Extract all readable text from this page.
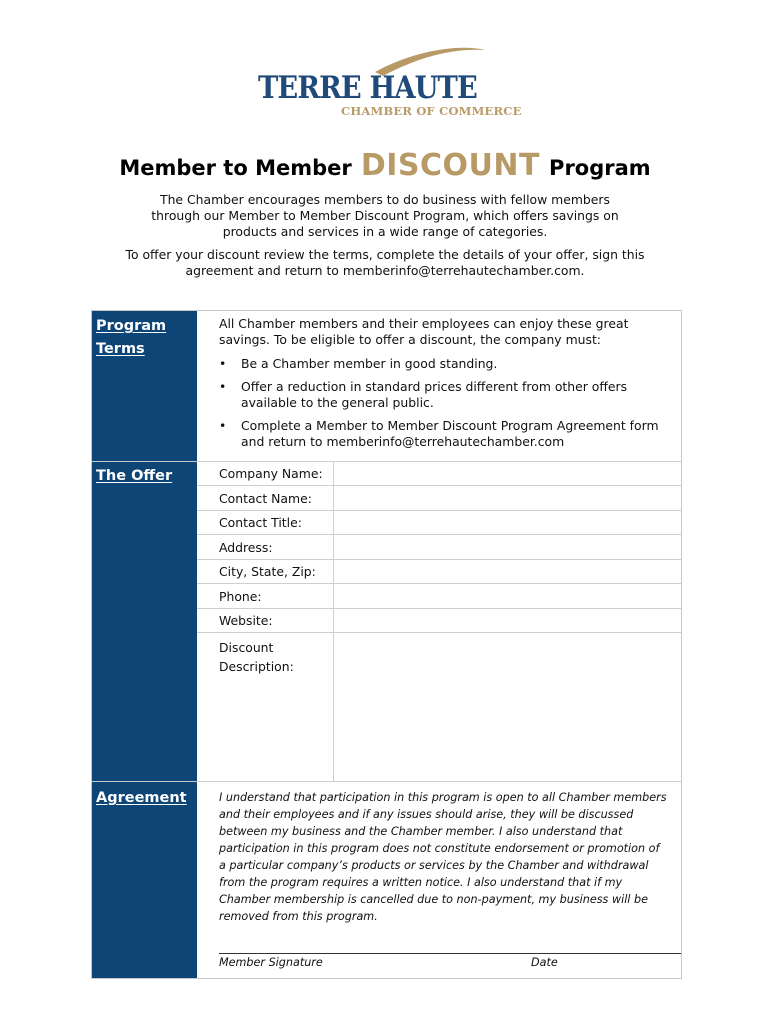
TERRE HAUTE
CHAMBER OF COMMERCE
Member to Member DISCOUNT Program

The Chamber encourages members to do business with fellow members

through our Member to Member Discount Program, which offers savings on

products and services in a wide range of categories.

To offer your discount review the terms, complete the details of your offer, sign this

agreement and return to memberinfo@terrehautechamber.com.

Program
Terms
The Offer
Agreement
All Chamber members and their employees can enjoy these great
savings. To be eligible to offer a discount, the company must:
• Be a Chamber member in good standing.
• Offer a reduction in standard prices different from other offers
available to the general public.
• Complete a Member to Member Discount Program Agreement form
and return to memberinfo@terrehautechamber.com
Company Name:
Contact Name:
Contact Title:
Address:
City, State, Zip:
Phone:
Website:
Discount
Description:
I understand that participation in this program is open to all Chamber members
and their employees and if any issues should arise, they will be discussed
between my business and the Chamber member. I also understand that
participation in this program does not constitute endorsement or promotion of
a particular company’s products or services by the Chamber and withdrawal
from the program requires a written notice. I also understand that if my
Chamber membership is cancelled due to non-payment, my business will be
removed from this program.
Member Signature	Date
